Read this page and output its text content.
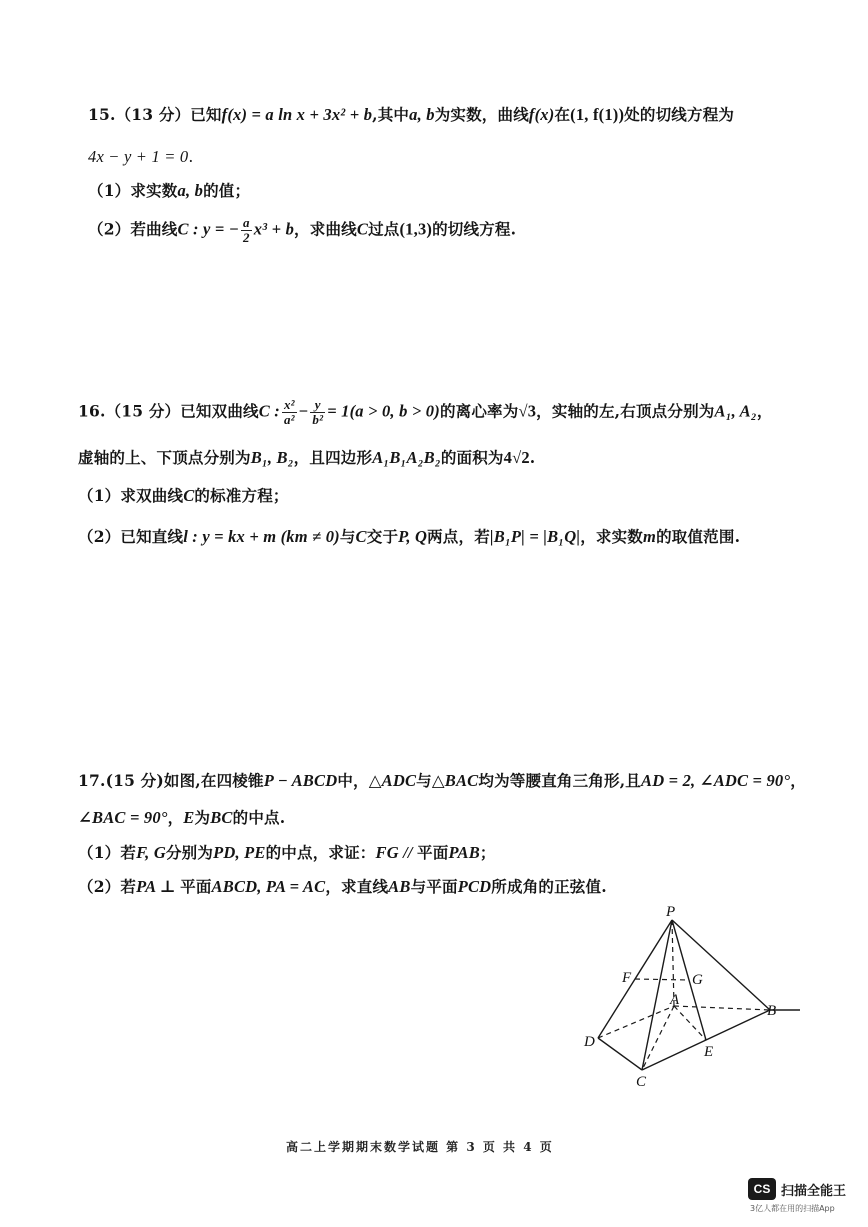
15.（13 分）已知f(x) = a ln x + 3x² + b,其中a, b为实数，曲线f(x)在(1, f(1))处的切线方程为
4x − y + 1 = 0.
（1）求实数a, b的值；
（2）若曲线C : y = − $\frac{a}{2} x^3 + b$，求曲线C过点(1,3)的切线方程.
16.（15 分）已知双曲线C : $\frac{\text{x²}}{\text{a²}} - \frac{y}{\text{b²}} = 1(a > 0$, b > 0)的离心率为√3，实轴的左,右顶点分别为A₁, A₂，
虚轴的上、下顶点分别为B₁, B₂，且四边形A₁B₁A₂B₂的面积为4√2.
（1）求双曲线C的标准方程；
（2）已知直线l : y = kx + m (km ≠ 0)与C交于P, Q两点，若|B₁P| = |B₁Q|，求实数m的取值范围.
17.(15 分)如图,在四棱锥P − ABCD中，△ADC与△BAC均为等腰直角三角形,且AD = 2, ∠ADC = 90°，
∠BAC = 90°，E为BC的中点.
（1）若F, G分别为PD, PE的中点，求证：FG // 平面PAB；
（2）若PA ⊥ 平面ABCD, PA = AC，求直线AB与平面PCD所成角的正弦值.
P
F	G
A
B
D
E
C
高二上学期期末数学试题 第 3 页 共 4 页
CS 扫描全能王
3亿人都在用的扫描App
